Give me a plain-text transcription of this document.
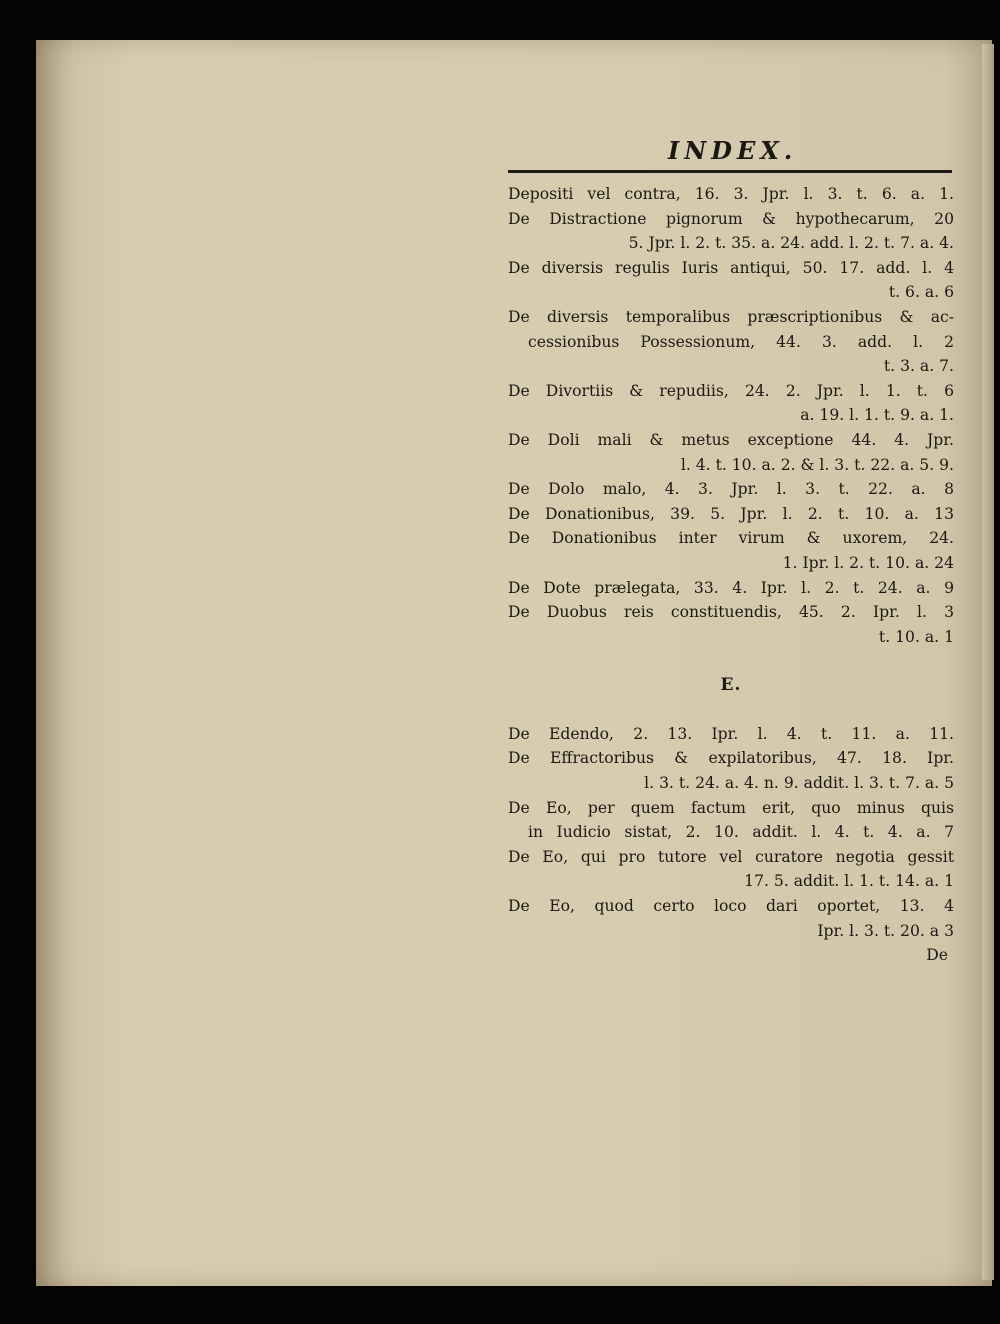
INDEX.
Depositi vel contra, 16. 3. Jpr. l. 3. t. 6. a. 1.
De Distractione pignorum & hypothecarum, 20
5. Jpr. l. 2. t. 35. a. 24. add. l. 2. t. 7. a. 4.
De diversis regulis Iuris antiqui, 50. 17. add. l. 4
t. 6. a. 6
De diversis temporalibus præscriptionibus & ac-
cessionibus Possessionum, 44. 3. add. l. 2
t. 3. a. 7.
De Divortiis & repudiis, 24. 2. Jpr. l. 1. t. 6
a. 19. l. 1. t. 9. a. 1.
De Doli mali & metus exceptione 44. 4. Jpr.
l. 4. t. 10. a. 2. & l. 3. t. 22. a. 5. 9.
De Dolo malo, 4. 3. Jpr. l. 3. t. 22. a. 8
De Donationibus, 39. 5. Jpr. l. 2. t. 10. a. 13
De Donationibus inter virum & uxorem, 24.
1. Ipr. l. 2. t. 10. a. 24
De Dote prælegata, 33. 4. Ipr. l. 2. t. 24. a. 9
De Duobus reis constituendis, 45. 2. Ipr. l. 3
t. 10. a. 1
E.
De Edendo, 2. 13. Ipr. l. 4. t. 11. a. 11.
De Effractoribus & expilatoribus, 47. 18. Ipr.
l. 3. t. 24. a. 4. n. 9. addit. l. 3. t. 7. a. 5
De Eo, per quem factum erit, quo minus quis
in Iudicio sistat, 2. 10. addit. l. 4. t. 4. a. 7
De Eo, qui pro tutore vel curatore negotia gessit
17. 5. addit. l. 1. t. 14. a. 1
De Eo, quod certo loco dari oportet, 13. 4
Ipr. l. 3. t. 20. a 3
De
